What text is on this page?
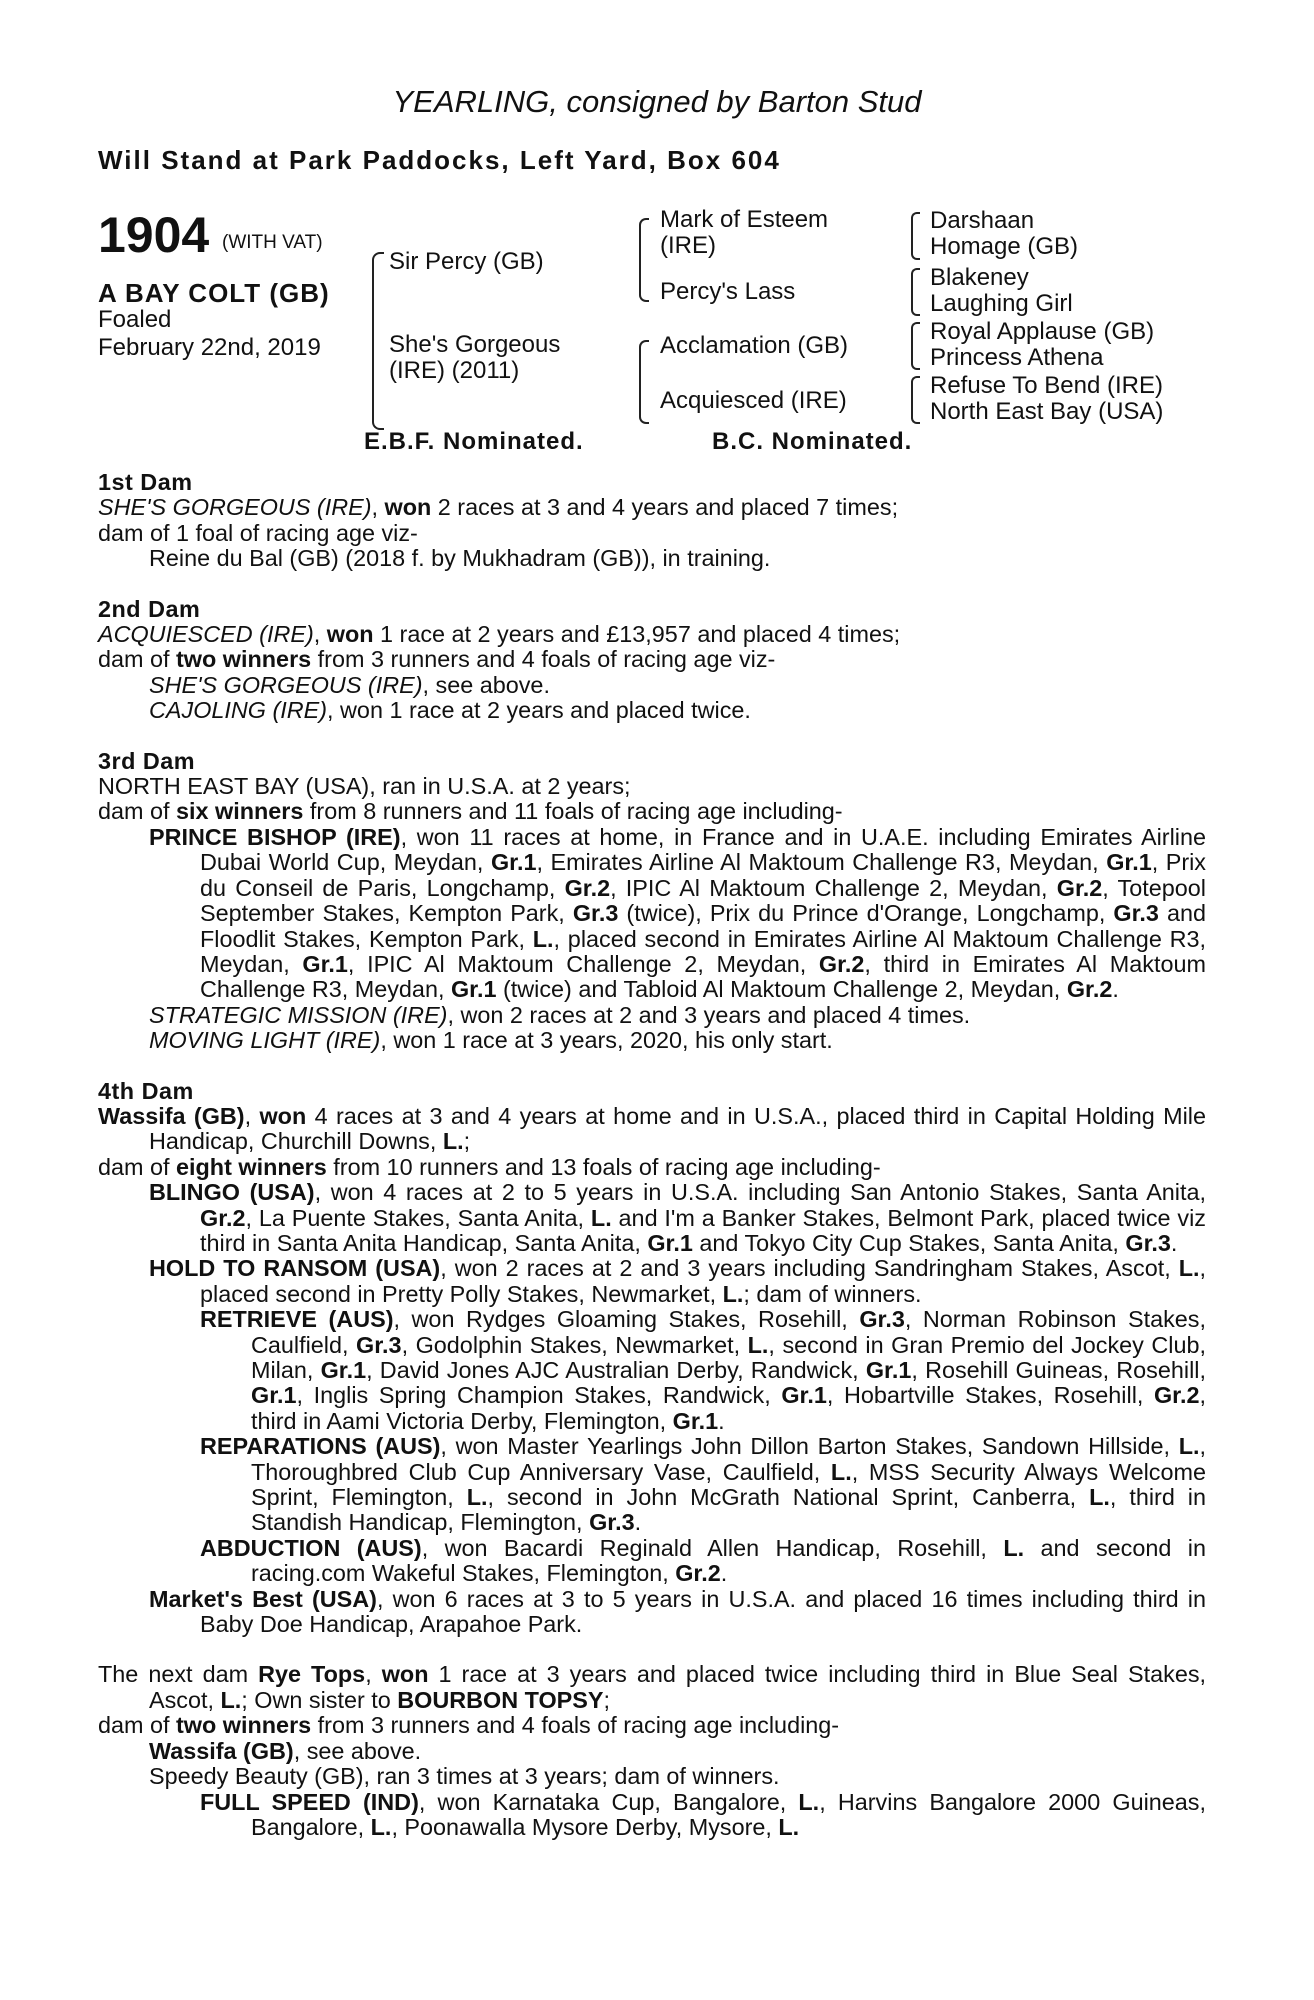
YEARLING, consigned by Barton Stud
Will Stand at Park Paddocks, Left Yard, Box 604
1904 (WITH VAT)
A BAY COLT (GB)
Foaled
February 22nd, 2019
Sir Percy (GB)
She's Gorgeous (IRE) (2011)
Mark of Esteem (IRE)
Percy's Lass
Acclamation (GB)
Acquiesced (IRE)
Darshaan
Homage (GB)
Blakeney
Laughing Girl
Royal Applause (GB)
Princess Athena
Refuse To Bend (IRE)
North East Bay (USA)
E.B.F. Nominated.	B.C. Nominated.
1st Dam
SHE'S GORGEOUS (IRE), won 2 races at 3 and 4 years and placed 7 times;
dam of 1 foal of racing age viz-
Reine du Bal (GB) (2018 f. by Mukhadram (GB)), in training.
2nd Dam
ACQUIESCED (IRE), won 1 race at 2 years and £13,957 and placed 4 times;
dam of two winners from 3 runners and 4 foals of racing age viz-
SHE'S GORGEOUS (IRE), see above.
CAJOLING (IRE), won 1 race at 2 years and placed twice.
3rd Dam
NORTH EAST BAY (USA), ran in U.S.A. at 2 years;
dam of six winners from 8 runners and 11 foals of racing age including-
PRINCE BISHOP (IRE), won 11 races at home, in France and in U.A.E. including Emirates Airline Dubai World Cup, Meydan, Gr.1, Emirates Airline Al Maktoum Challenge R3, Meydan, Gr.1, Prix du Conseil de Paris, Longchamp, Gr.2, IPIC Al Maktoum Challenge 2, Meydan, Gr.2, Totepool September Stakes, Kempton Park, Gr.3 (twice), Prix du Prince d'Orange, Longchamp, Gr.3 and Floodlit Stakes, Kempton Park, L., placed second in Emirates Airline Al Maktoum Challenge R3, Meydan, Gr.1, IPIC Al Maktoum Challenge 2, Meydan, Gr.2, third in Emirates Al Maktoum Challenge R3, Meydan, Gr.1 (twice) and Tabloid Al Maktoum Challenge 2, Meydan, Gr.2.
STRATEGIC MISSION (IRE), won 2 races at 2 and 3 years and placed 4 times.
MOVING LIGHT (IRE), won 1 race at 3 years, 2020, his only start.
4th Dam
Wassifa (GB), won 4 races at 3 and 4 years at home and in U.S.A., placed third in Capital Holding Mile Handicap, Churchill Downs, L.;
dam of eight winners from 10 runners and 13 foals of racing age including-
BLINGO (USA), won 4 races at 2 to 5 years in U.S.A. including San Antonio Stakes, Santa Anita, Gr.2, La Puente Stakes, Santa Anita, L. and I'm a Banker Stakes, Belmont Park, placed twice viz third in Santa Anita Handicap, Santa Anita, Gr.1 and Tokyo City Cup Stakes, Santa Anita, Gr.3.
HOLD TO RANSOM (USA), won 2 races at 2 and 3 years including Sandringham Stakes, Ascot, L., placed second in Pretty Polly Stakes, Newmarket, L.; dam of winners.
RETRIEVE (AUS), won Rydges Gloaming Stakes, Rosehill, Gr.3, Norman Robinson Stakes, Caulfield, Gr.3, Godolphin Stakes, Newmarket, L., second in Gran Premio del Jockey Club, Milan, Gr.1, David Jones AJC Australian Derby, Randwick, Gr.1, Rosehill Guineas, Rosehill, Gr.1, Inglis Spring Champion Stakes, Randwick, Gr.1, Hobartville Stakes, Rosehill, Gr.2, third in Aami Victoria Derby, Flemington, Gr.1.
REPARATIONS (AUS), won Master Yearlings John Dillon Barton Stakes, Sandown Hillside, L., Thoroughbred Club Cup Anniversary Vase, Caulfield, L., MSS Security Always Welcome Sprint, Flemington, L., second in John McGrath National Sprint, Canberra, L., third in Standish Handicap, Flemington, Gr.3.
ABDUCTION (AUS), won Bacardi Reginald Allen Handicap, Rosehill, L. and second in racing.com Wakeful Stakes, Flemington, Gr.2.
Market's Best (USA), won 6 races at 3 to 5 years in U.S.A. and placed 16 times including third in Baby Doe Handicap, Arapahoe Park.
The next dam Rye Tops, won 1 race at 3 years and placed twice including third in Blue Seal Stakes, Ascot, L.; Own sister to BOURBON TOPSY;
dam of two winners from 3 runners and 4 foals of racing age including-
Wassifa (GB), see above.
Speedy Beauty (GB), ran 3 times at 3 years; dam of winners.
FULL SPEED (IND), won Karnataka Cup, Bangalore, L., Harvins Bangalore 2000 Guineas, Bangalore, L., Poonawalla Mysore Derby, Mysore, L.
